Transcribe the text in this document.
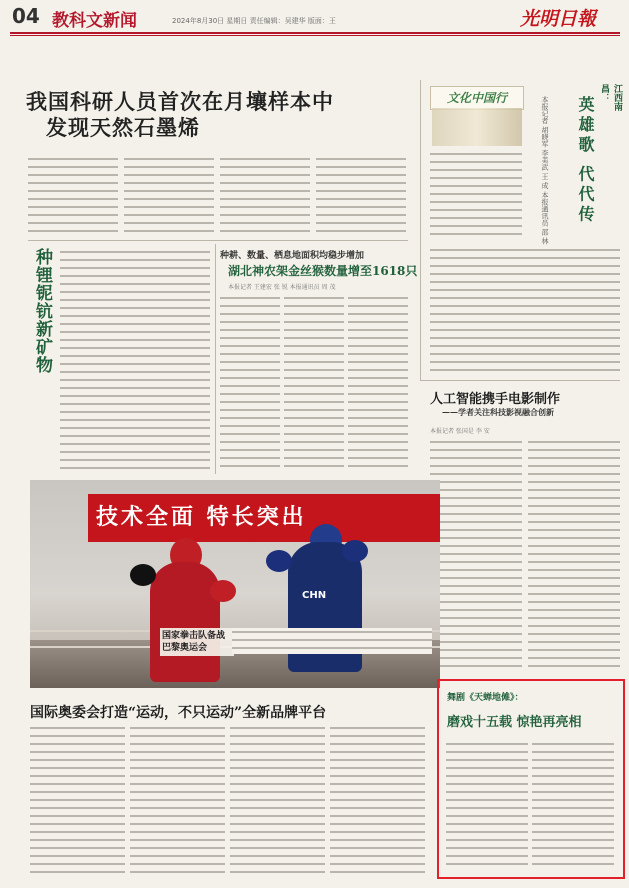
04 教科文新闻	2024年8月30日 星期日 责任编辑：吴建华 版面：王	光明日報
我国科研人员首次在月壤样本中
发现天然石墨烯
种锂铌钪新矿物
种耕、数量、栖息地面积均稳步增加
湖北神农架金丝猴数量增至1618只
本报记者 王建宏 张 锐 本报通讯员 周 茂
文化中国行	江西南昌：
英雄歌 代代传
本报记者 胡晓军 李美武 王 成 本报通讯员 邵 林
人工智能携手电影制作
——学者关注科技影视融合创新
本报记者 张国是 李 安
技术全面 特长突出
CHN
国家拳击队备战巴黎奥运会
国际奥委会打造“运动，不只运动”全新品牌平台
舞剧《天蝉地傩》：
磨戏十五载 惊艳再亮相
